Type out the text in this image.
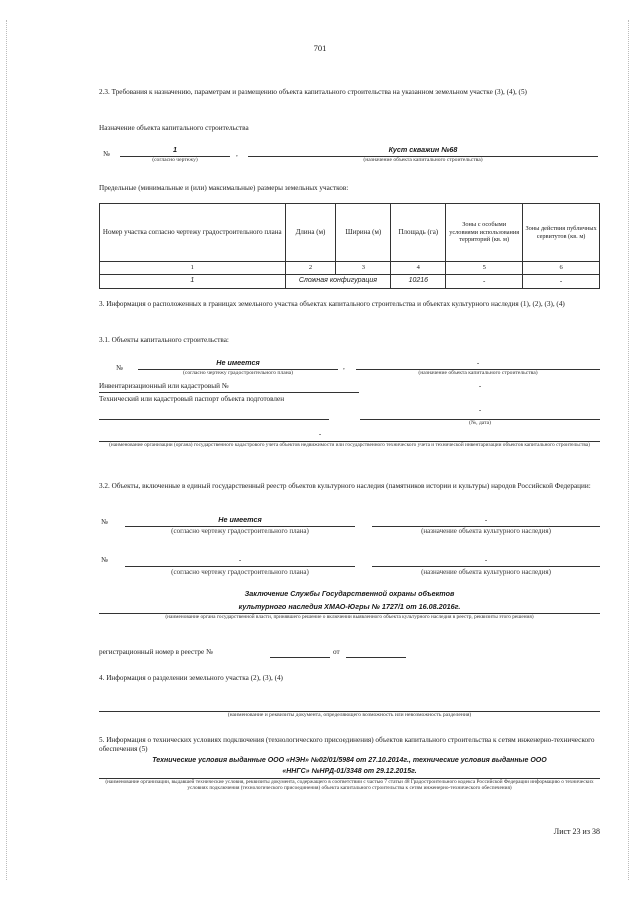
701
2.3. Требования к назначению, параметрам и размещению объекта капитального строительства на указанном земельном участке (3), (4), (5)
Назначение объекта капитального строительства
№	1
(согласно чертежу)
,	Куст скважин №68
(назначение объекта капитального строительства)
Предельные (минимальные и (или) максимальные) размеры земельных участков:
Номер участка согласно чертежу градостроительного плана	Длина (м)	Ширина (м)	Площадь (га)	Зоны с особыми условиями использования территорий (кв. м)	Зоны действия публичных сервитутов (кв. м)
1	2	3	4	5	6
1	Сложная конфигурация		10216	-	-
3. Информация о расположенных в границах земельного участка объектах капитального строительства и объектах культурного наследия (1), (2), (3), (4)
3.1. Объекты капитального строительства:
№
Не имеется
(согласно чертежу градостроительного плана)
,	-
(назначение объекта капитального строительства)
Инвентаризационный или кадастровый №	-
Технический или кадастровый паспорт объекта подготовлен
-
(№, дата)
-
(наименование организации (органа) государственного кадастрового учета объектов недвижимости или государственного технического учета и технической инвентаризации объектов капитального строительства)
3.2. Объекты, включенные в единый государственный реестр объектов культурного наследия (памятников истории и культуры) народов Российской Федерации:
№	Не имеется
(согласно чертежу градостроительного плана)
-
(назначение объекта культурного наследия)
№	-
(согласно чертежу градостроительного плана)
-
(назначение объекта культурного наследия)
Заключение Службы Государственной охраны объектов
культурного наследия ХМАО-Югры № 1727/1 от 16.08.2016г.
(наименование органа государственной власти, принявшего решение о включении выявленного объекта культурного наследия в реестр, реквизиты этого решения)
регистрационный номер в реестре №	от
4. Информация о разделении земельного участка (2), (3), (4)
(наименование и реквизиты документа, определяющего возможность или невозможность разделения)
5. Информация о технических условиях подключения (технологического присоединения) объектов капитального строительства к сетям инженерно-технического обеспечения (5)
Технические условия выданные ООО «НЭН» №02/01/5984 от 27.10.2014г., технические условия выданные ООО
«ННГС» №НРД-01/3348 от 29.12.2015г.
(наименование организации, выдавшей технические условия, реквизиты документа, содержащего в соответствии с частью 7 статьи 48 Градостроительного кодекса Российской Федерации информацию о технических условиях подключения (технологического присоединения) объекта капитального строительства к сетям инженерно-технического обеспечения)
Лист 23 из 38
